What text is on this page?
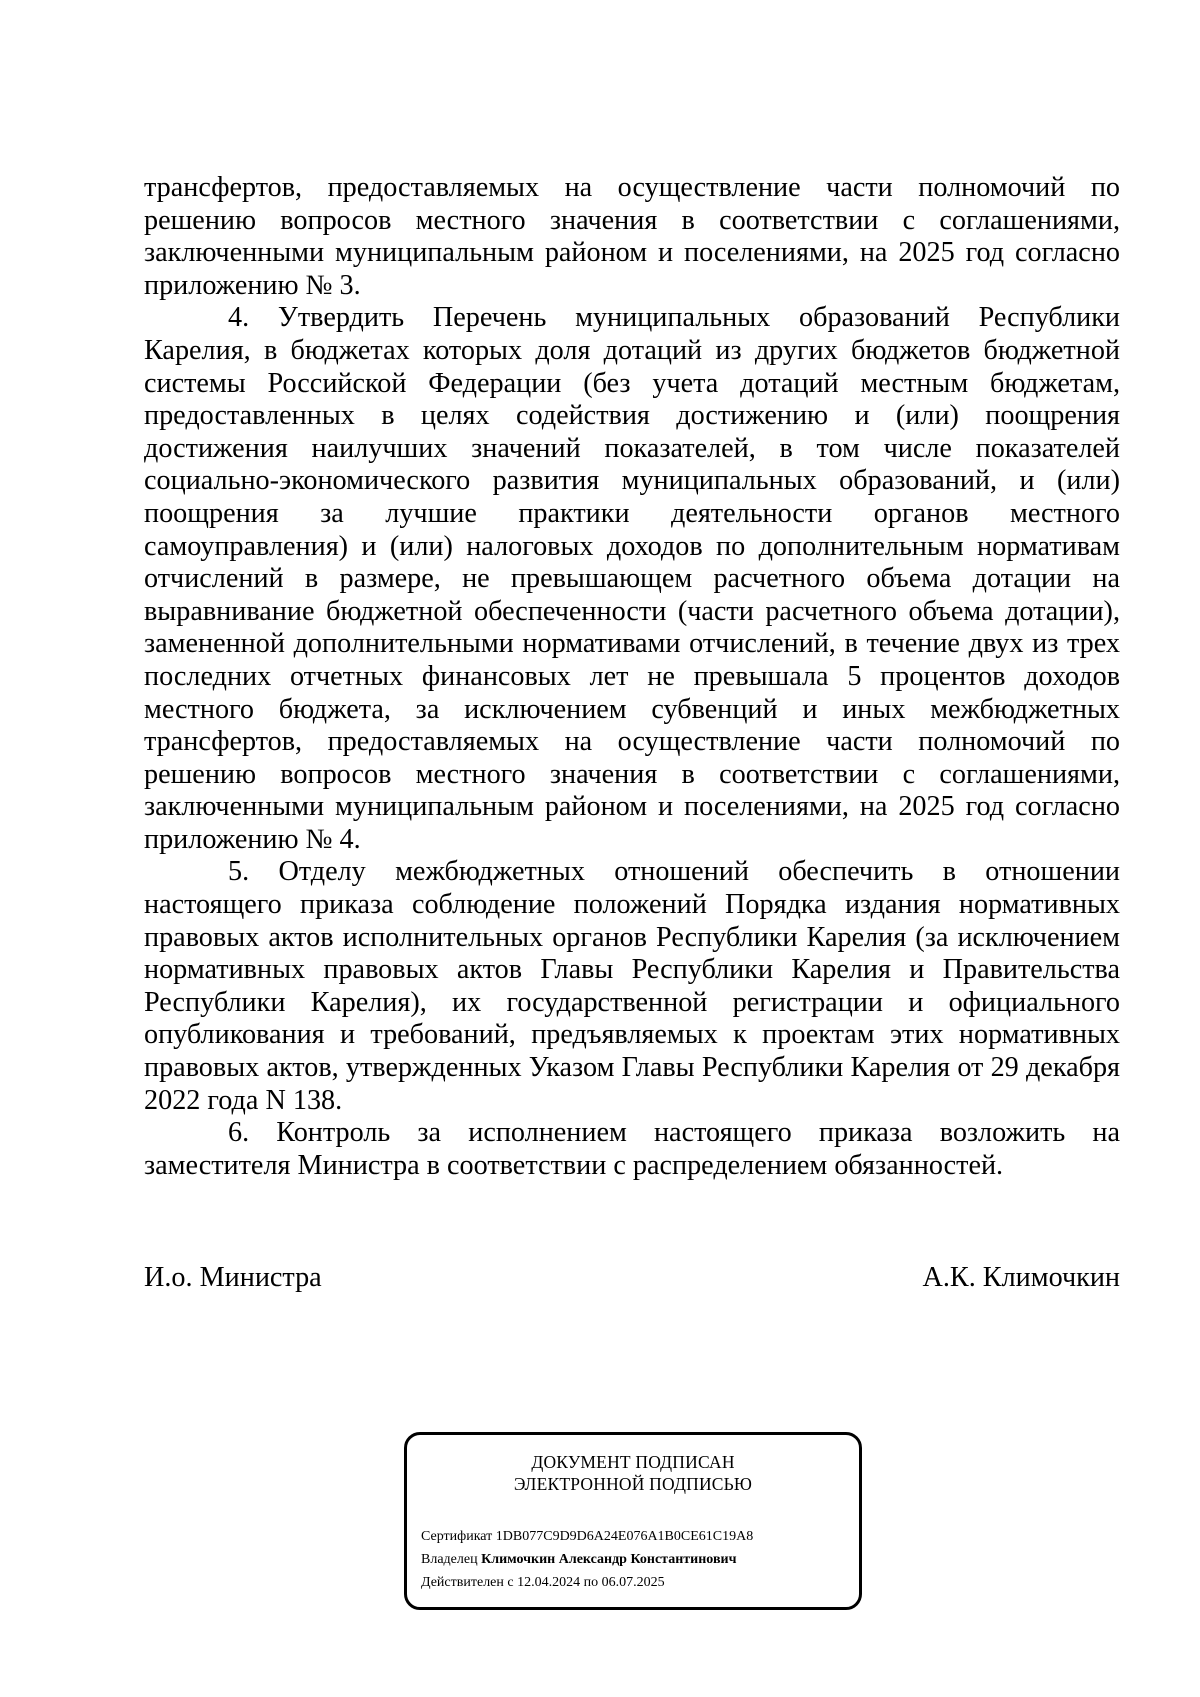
трансфертов, предоставляемых на осуществление части полномочий по решению вопросов местного значения в соответствии с соглашениями, заключенными муниципальным районом и поселениями, на 2025 год согласно приложению № 3.

4. Утвердить Перечень муниципальных образований Республики Карелия, в бюджетах которых доля дотаций из других бюджетов бюджетной системы Российской Федерации (без учета дотаций местным бюджетам, предоставленных в целях содействия достижению и (или) поощрения достижения наилучших значений показателей, в том числе показателей социально-экономического развития муниципальных образований, и (или) поощрения за лучшие практики деятельности органов местного самоуправления) и (или) налоговых доходов по дополнительным нормативам отчислений в размере, не превышающем расчетного объема дотации на выравнивание бюджетной обеспеченности (части расчетного объема дотации), замененной дополнительными нормативами отчислений, в течение двух из трех последних отчетных финансовых лет не превышала 5 процентов доходов местного бюджета, за исключением субвенций и иных межбюджетных трансфертов, предоставляемых на осуществление части полномочий по решению вопросов местного значения в соответствии с соглашениями, заключенными муниципальным районом и поселениями, на 2025 год согласно приложению № 4.

5. Отделу межбюджетных отношений обеспечить в отношении настоящего приказа соблюдение положений Порядка издания нормативных правовых актов исполнительных органов Республики Карелия (за исключением нормативных правовых актов Главы Республики Карелия и Правительства Республики Карелия), их государственной регистрации и официального опубликования и требований, предъявляемых к проектам этих нормативных правовых актов, утвержденных Указом Главы Республики Карелия от 29 декабря 2022 года N 138.

6. Контроль за исполнением настоящего приказа возложить на заместителя Министра в соответствии с распределением обязанностей.

И.о. Министра	А.К. Климочкин
ДОКУМЕНТ ПОДПИСАН
ЭЛЕКТРОННОЙ ПОДПИСЬЮ
Сертификат 1DB077C9D9D6A24E076A1B0CE61C19A8
Владелец Климочкин Александр Константинович
Действителен с 12.04.2024 по 06.07.2025
